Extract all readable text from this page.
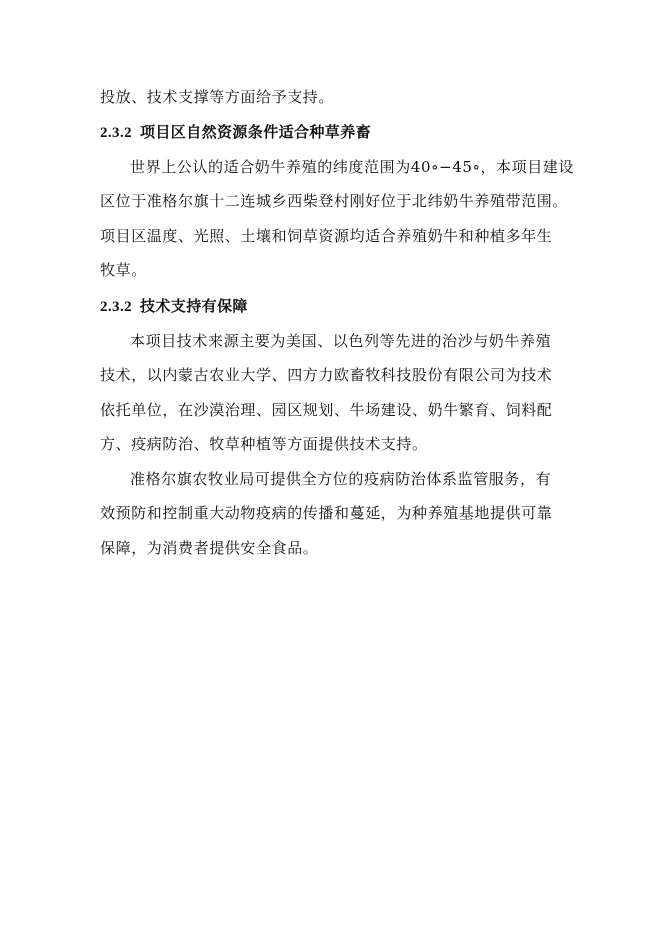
投放、技术支撑等方面给予支持。
2.3.2 项目区自然资源条件适合种草养畜
世界上公认的适合奶牛养殖的纬度范围为40∘−45∘，本项目建设
区位于准格尔旗十二连城乡西柴登村刚好位于北纬奶牛养殖带范围。
项目区温度、光照、土壤和饲草资源均适合养殖奶牛和种植多年生
牧草。
2.3.2 技术支持有保障
本项目技术来源主要为美国、以色列等先进的治沙与奶牛养殖
技术，以内蒙古农业大学、四方力欧畜牧科技股份有限公司为技术
依托单位，在沙漠治理、园区规划、牛场建设、奶牛繁育、饲料配
方、疫病防治、牧草种植等方面提供技术支持。
准格尔旗农牧业局可提供全方位的疫病防治体系监管服务，有
效预防和控制重大动物疫病的传播和蔓延，为种养殖基地提供可靠
保障，为消费者提供安全食品。
